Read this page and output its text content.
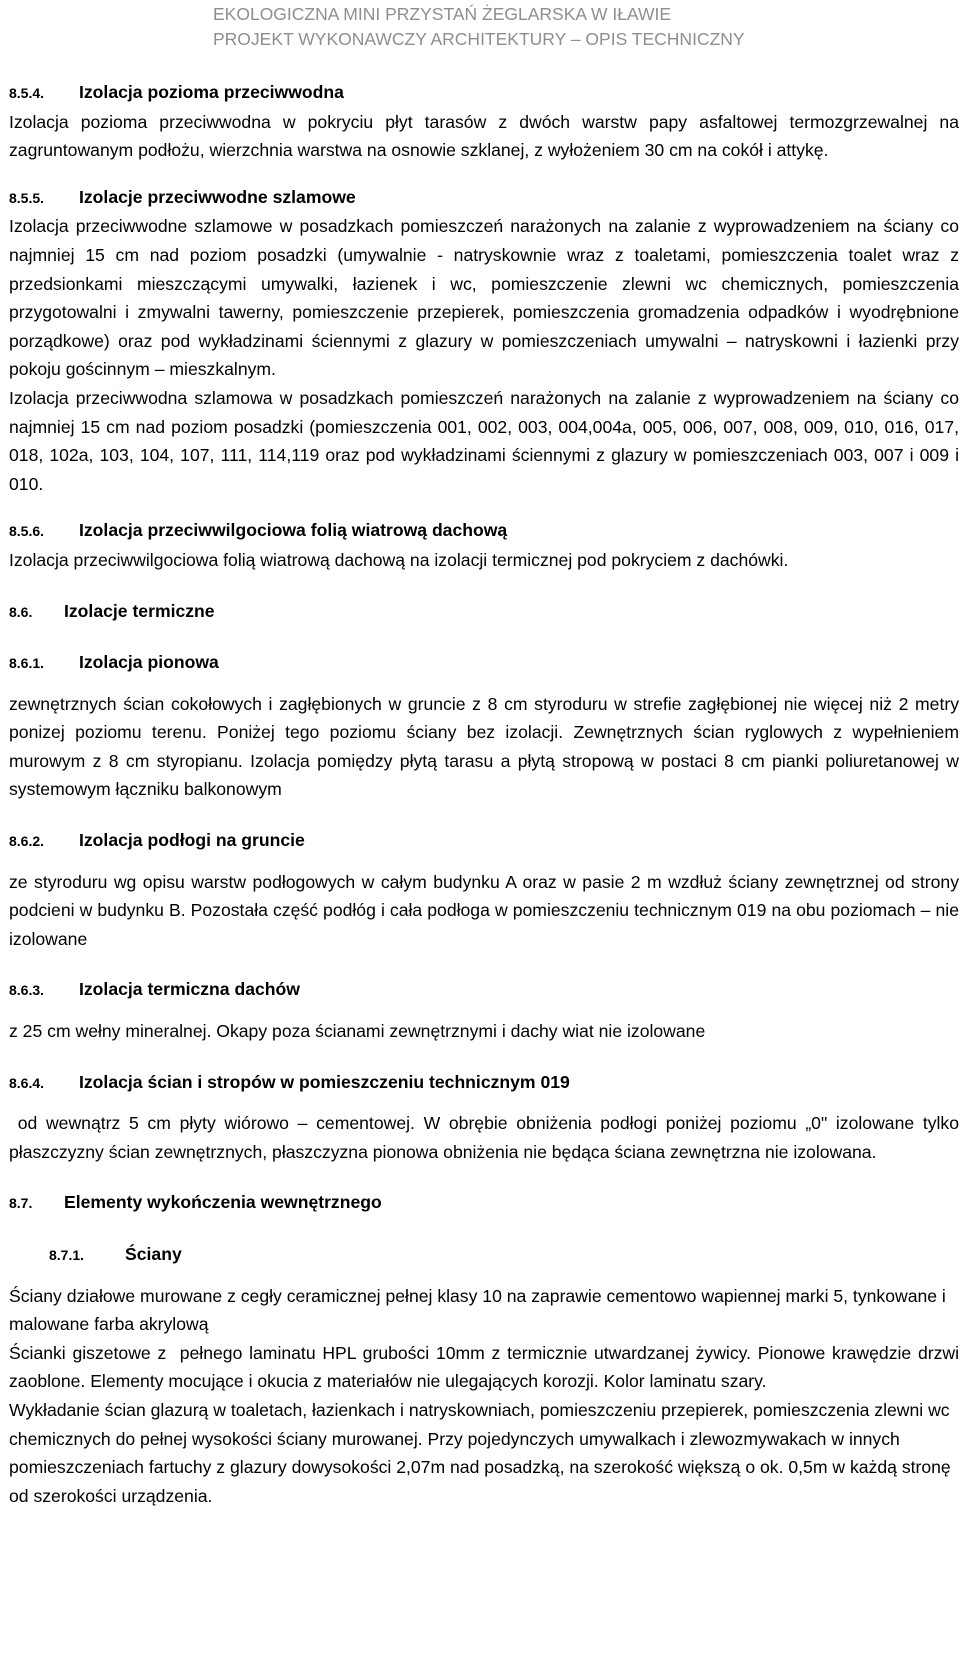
EKOLOGICZNA MINI PRZYSTAŃ ŻEGLARSKA W IŁAWIE
PROJEKT WYKONAWCZY ARCHITEKTURY – OPIS TECHNICZNY
8.5.4. Izolacja pozioma przeciwwodna

Izolacja pozioma przeciwwodna w pokryciu płyt tarasów z dwóch warstw papy asfaltowej termozgrzewalnej na zagruntowanym podłożu, wierzchnia warstwa na osnowie szklanej, z wyłożeniem 30 cm na cokół i attykę.

8.5.5. Izolacje przeciwwodne szlamowe

Izolacja przeciwwodne szlamowe w posadzkach pomieszczeń narażonych na zalanie z wyprowadzeniem na ściany co najmniej 15 cm nad poziom posadzki (umywalnie - natryskownie wraz z toaletami, pomieszczenia toalet wraz z przedsionkami mieszczącymi umywalki, łazienek i wc, pomieszczenie zlewni wc chemicznych, pomieszczenia przygotowalni i zmywalni tawerny, pomieszczenie przepierek, pomieszczenia gromadzenia odpadków i wyodrębnione porządkowe) oraz pod wykładzinami ściennymi z glazury w pomieszczeniach umywalni – natryskowni i łazienki przy pokoju gościnnym – mieszkalnym.

Izolacja przeciwwodna szlamowa w posadzkach pomieszczeń narażonych na zalanie z wyprowadzeniem na ściany co najmniej 15 cm nad poziom posadzki (pomieszczenia 001, 002, 003, 004,004a, 005, 006, 007, 008, 009, 010, 016, 017, 018, 102a, 103, 104, 107, 111, 114,119 oraz pod wykładzinami ściennymi z glazury w pomieszczeniach 003, 007 i 009 i 010.

8.5.6. Izolacja przeciwwilgociowa folią wiatrową dachową

Izolacja przeciwwilgociowa folią wiatrową dachową na izolacji termicznej pod pokryciem z dachówki.

8.6. Izolacje termiczne
8.6.1. Izolacja pionowa

zewnętrznych ścian cokołowych i zagłębionych w gruncie z 8 cm styroduru w strefie zagłębionej nie więcej niż 2 metry ponizej poziomu terenu. Poniżej tego poziomu ściany bez izolacji. Zewnętrznych ścian ryglowych z wypełnieniem murowym z 8 cm styropianu. Izolacja pomiędzy płytą tarasu a płytą stropową w postaci 8 cm pianki poliuretanowej w systemowym łączniku balkonowym

8.6.2. Izolacja podłogi na gruncie

ze styroduru wg opisu warstw podłogowych w całym budynku A oraz w pasie 2 m wzdłuż ściany zewnętrznej od strony podcieni w budynku B. Pozostała część podłóg i cała podłoga w pomieszczeniu technicznym 019 na obu poziomach – nie izolowane

8.6.3. Izolacja termiczna dachów

z 25 cm wełny mineralnej. Okapy poza ścianami zewnętrznymi i dachy wiat nie izolowane

8.6.4. Izolacja ścian i stropów w pomieszczeniu technicznym 019

od wewnątrz 5 cm płyty wiórowo – cementowej. W obrębie obniżenia podłogi poniżej poziomu „0" izolowane tylko płaszczyzny ścian zewnętrznych, płaszczyzna pionowa obniżenia nie będąca ściana zewnętrzna nie izolowana.

8.7. Elementy wykończenia wewnętrznego
8.7.1. Ściany

Ściany działowe murowane z cegły ceramicznej pełnej klasy 10 na zaprawie cementowo wapiennej marki 5, tynkowane i malowane farba akrylową

Ścianki giszetowe z  pełnego laminatu HPL grubości 10mm z termicznie utwardzanej żywicy. Pionowe krawędzie drzwi zaoblone. Elementy mocujące i okucia z materiałów nie ulegających korozji. Kolor laminatu szary.

Wykładanie ścian glazurą w toaletach, łazienkach i natryskowniach, pomieszczeniu przepierek, pomieszczenia zlewni wc chemicznych do pełnej wysokości ściany murowanej. Przy pojedynczych umywalkach i zlewozmywakach w innych pomieszczeniach fartuchy z glazury dowysokości 2,07m nad posadzką, na szerokość większą o ok. 0,5m w każdą stronę od szerokości urządzenia.
